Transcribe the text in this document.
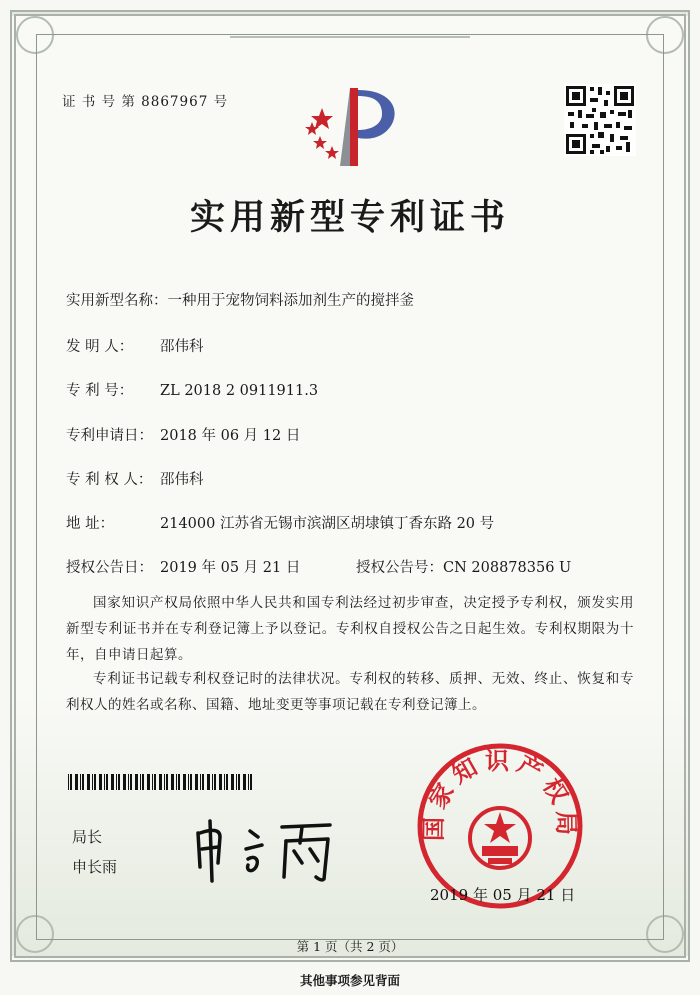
证 书 号 第 8867967 号
实用新型专利证书
实用新型名称：一种用于宠物饲料添加剂生产的搅拌釜
发 明 人： 邵伟科
专 利 号： ZL 2018 2 0911911.3
专利申请日： 2018 年 06 月 12 日
专 利 权 人： 邵伟科
地 址：	214000 江苏省无锡市滨湖区胡埭镇丁香东路 20 号
授权公告日： 2019 年 05 月 21 日	授权公告号：CN 208878356 U
国家知识产权局依照中华人民共和国专利法经过初步审查，决定授予专利权，颁发实用新型专利证书并在专利登记簿上予以登记。专利权自授权公告之日起生效。专利权期限为十年，自申请日起算。
专利证书记载专利权登记时的法律状况。专利权的转移、质押、无效、终止、恢复和专利权人的姓名或名称、国籍、地址变更等事项记载在专利登记簿上。
局长
申长雨
国家知识产权局
2019 年 05 月 21 日
第 1 页（共 2 页）
其他事项参见背面
